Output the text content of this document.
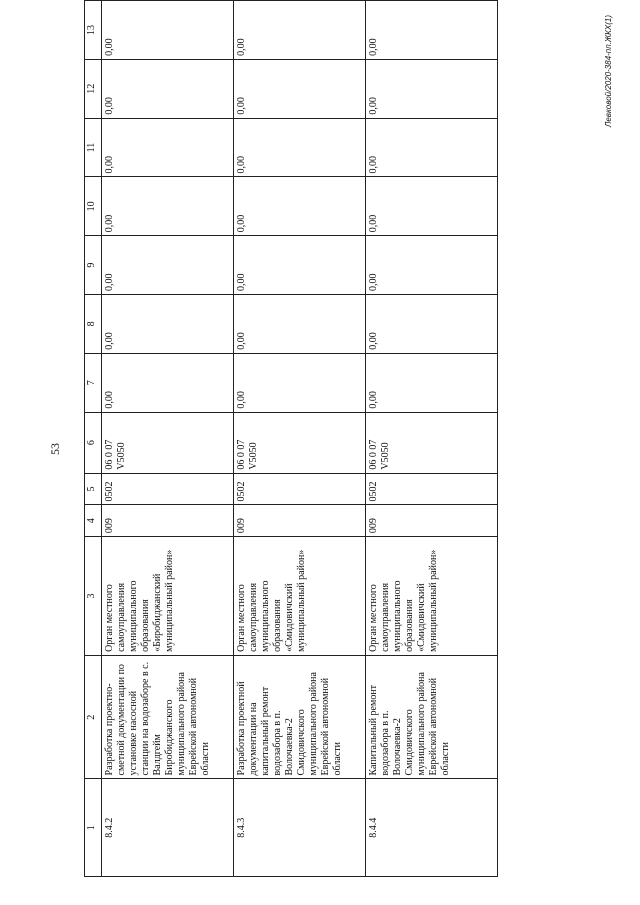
53
1	2	3	4	5	6	7	8	9	10	11	12	13
8.4.2	Разработка проектно-сметной документации по установке насосной станции на водозаборе в с. Валдгейм Биробиджанского муниципального района Еврейской автономной области	Орган местного самоуправления муниципального образования «Биробиджанский муниципальный район»	009	0502	06 0 07 V5050	0,00	0,00	0,00	0,00	0,00	0,00	0,00
8.4.3	Разработка проектной документации на капитальный ремонт водозабора в п. Волочаевка-2 Смидовичского муниципального района Еврейской автономной области	Орган местного самоуправления муниципального образования «Смидовичский муниципальный район»	009	0502	06 0 07 V5050	0,00	0,00	0,00	0,00	0,00	0,00	0,00
8.4.4	Капитальный ремонт водозабора в п. Волочаевка-2 Смидовичского муниципального района Еврейской автономной области	Орган местного самоуправления муниципального образования «Смидовичский муниципальный район»	009	0502	06 0 07 V5050	0,00	0,00	0,00	0,00	0,00	0,00	0,00	Левковой/2020-384-пп.ЖКХ(1)
